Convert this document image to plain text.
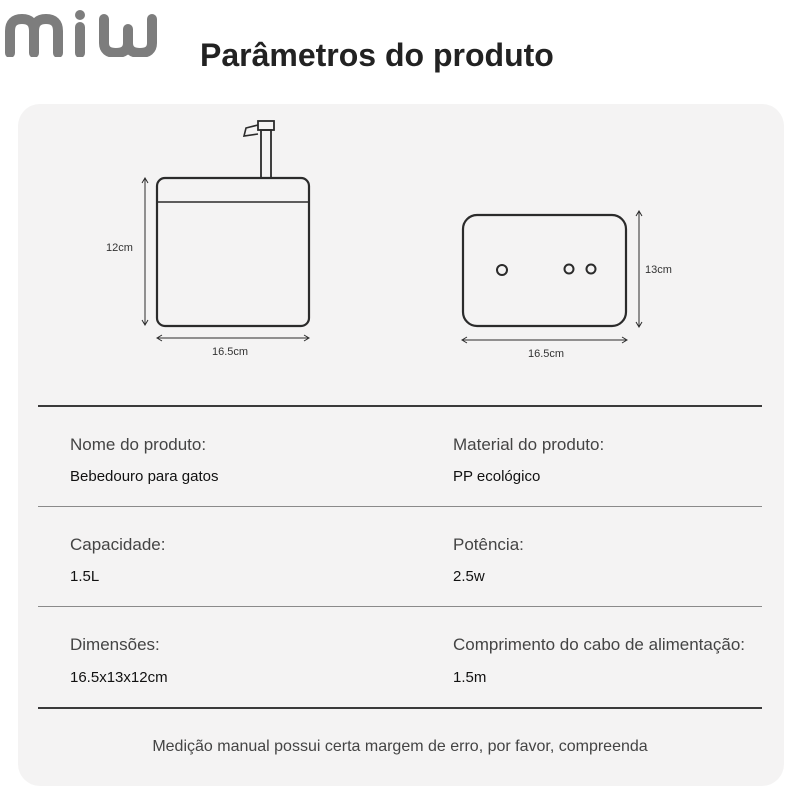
miw	Parâmetros do produto
12cm
16.5cm
13cm
16.5cm
Nome do produto:
Bebedouro para gatos
Material do produto:
PP ecológico
Capacidade:
1.5L
Potência:
2.5w
Dimensões:
16.5x13x12cm
Comprimento do cabo de alimentação:
1.5m
Medição manual possui certa margem de erro, por favor, compreenda
